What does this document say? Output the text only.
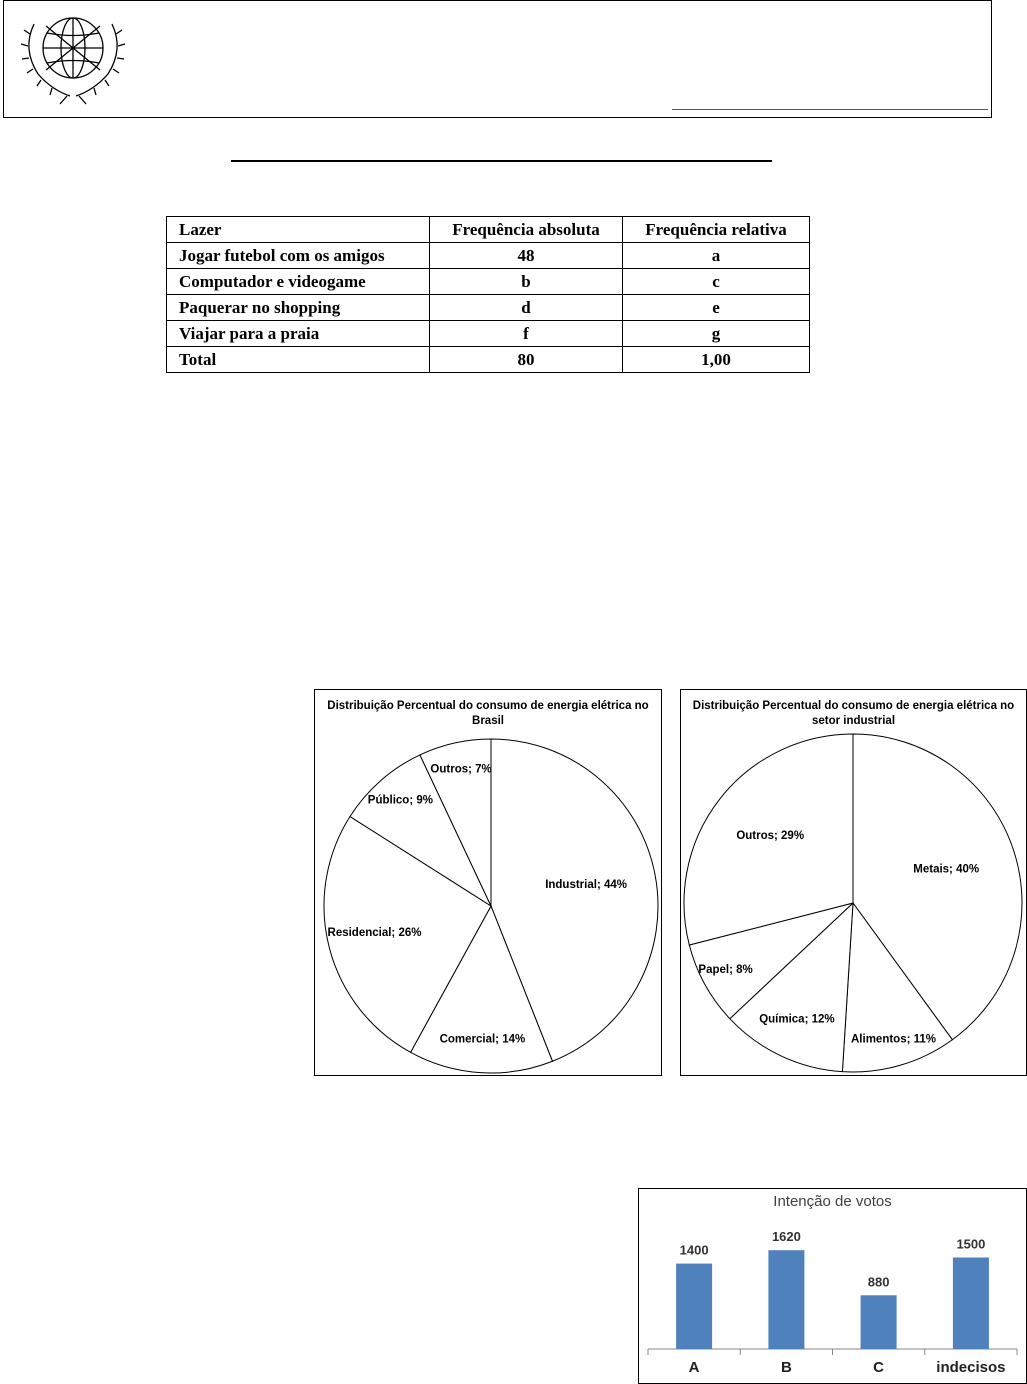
Lazer	Frequência absoluta	Frequência relativa
Jogar futebol com os amigos	48	a
Computador e videogame	b	c
Paquerar no shopping	d	e
Viajar para a praia	f	g
Total	80	1,00
Industrial; 44%
Comercial; 14%
Residencial; 26%
Público; 9%
Outros; 7%
Distribuição Percentual do consumo de energia elétrica no Brasil
Metais; 40%
Alimentos; 11%
Química; 12%
Papel; 8%
Outros; 29%
Distribuição Percentual do consumo de energia elétrica no setor industrial
1400
A
1620
B
880
C
1500
indecisos
Intenção de votos
